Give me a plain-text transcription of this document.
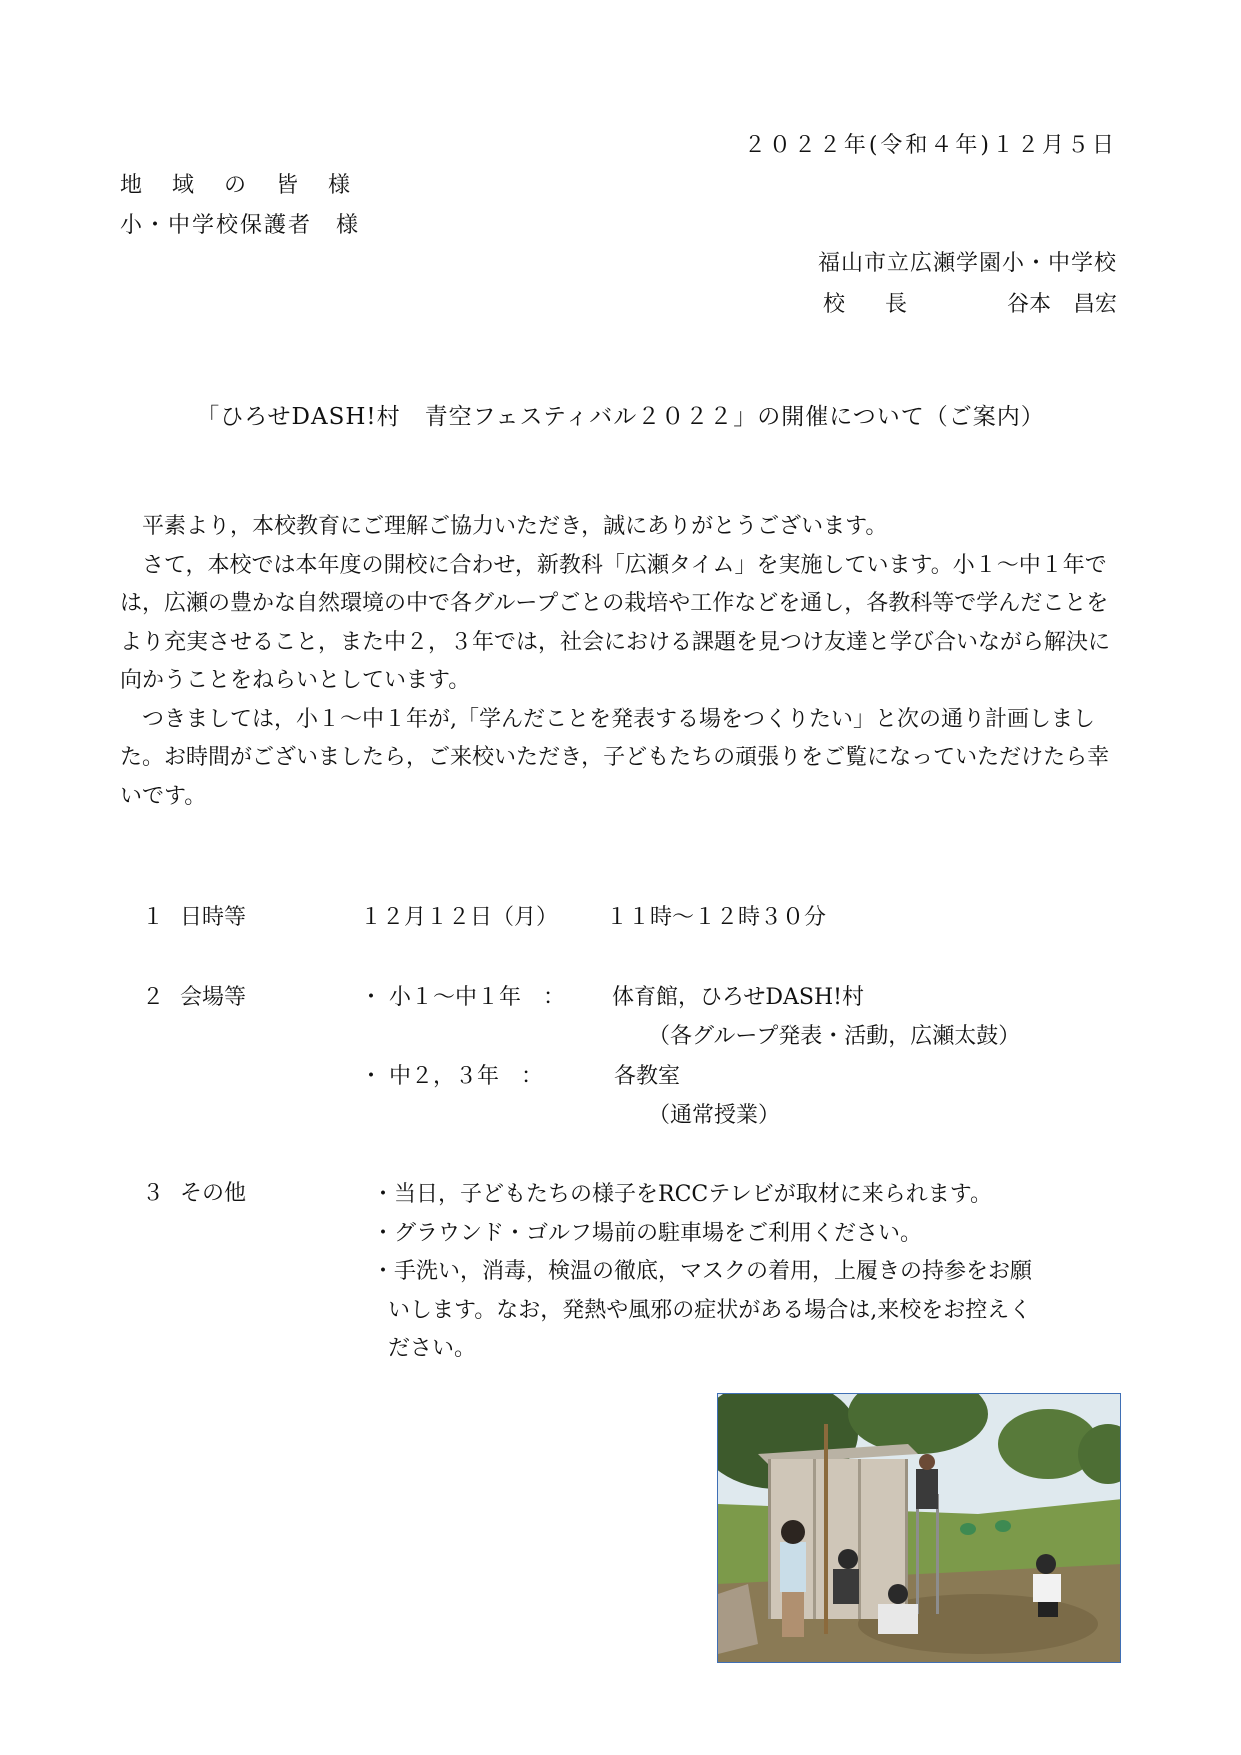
２０２２年(令和４年)１２月５日
地域の皆様
小・中学校保護者　様
福山市立広瀬学園小・中学校
校長	谷本　昌宏
「ひろせDASH!村　青空フェスティバル２０２２」の開催について（ご案内）

平素より，本校教育にご理解ご協力いただき，誠にありがとうございます。

さて，本校では本年度の開校に合わせ，新教科「広瀬タイム」を実施しています。小１～中１年では，広瀬の豊かな自然環境の中で各グループごとの栽培や工作などを通し，各教科等で学んだことをより充実させること，また中２，３年では，社会における課題を見つけ友達と学び合いながら解決に向かうことをねらいとしています。

つきましては，小１～中１年が,「学んだことを発表する場をつくりたい」と次の通り計画しました。お時間がございましたら，ご来校いただき，子どもたちの頑張りをご覧になっていただけたら幸いです。

１ 日時等	１２月１２日（月） １１時～１２時３０分
２ 会場等	・ 小１～中１年　： 体育館，ひろせDASH!村
（各グループ発表・活動，広瀬太鼓）
・ 中２，３年　：	各教室
（通常授業）
３ その他	・当日，子どもたちの様子をRCCテレビが取材に来られます。
・グラウンド・ゴルフ場前の駐車場をご利用ください。
・手洗い，消毒，検温の徹底，マスクの着用，上履きの持参をお願
いします。なお，発熱や風邪の症状がある場合は,来校をお控えく
ださい。
